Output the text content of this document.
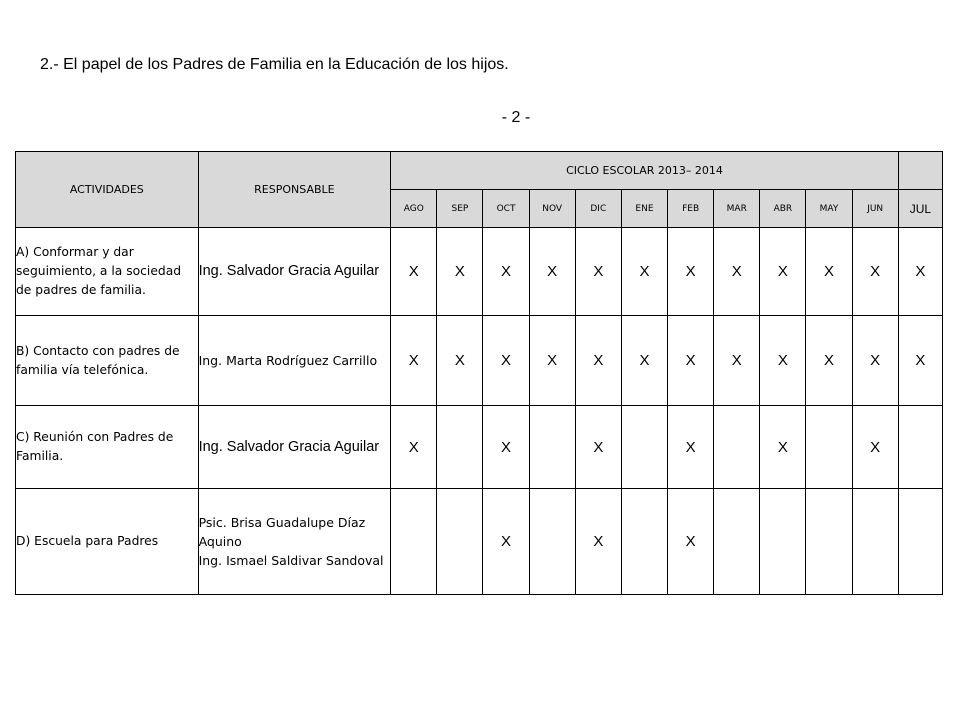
2.- El papel de los Padres de Familia en la Educación de los hijos.
- 2 -
ACTIVIDADES	RESPONSABLE	CICLO ESCOLAR 2013– 2014											
		AGO	SEP	OCT	NOV	DIC	ENE	FEB	MAR	ABR	MAY	JUN	JUL
A) Conformar y dar seguimiento, a la sociedad de padres de familia.	Ing. Salvador Gracia Aguilar	X	X	X	X	X	X	X	X	X	X	X	X
B) Contacto con padres de familia vía telefónica.	Ing. Marta Rodríguez Carrillo	X	X	X	X	X	X	X	X	X	X	X	X
C) Reunión con Padres de Familia.	Ing. Salvador Gracia Aguilar	X		X		X		X		X		X	
D) Escuela para Padres	Psic. Brisa Guadalupe Díaz Aquino
Ing. Ismael Saldivar Sandoval			X		X		X					
